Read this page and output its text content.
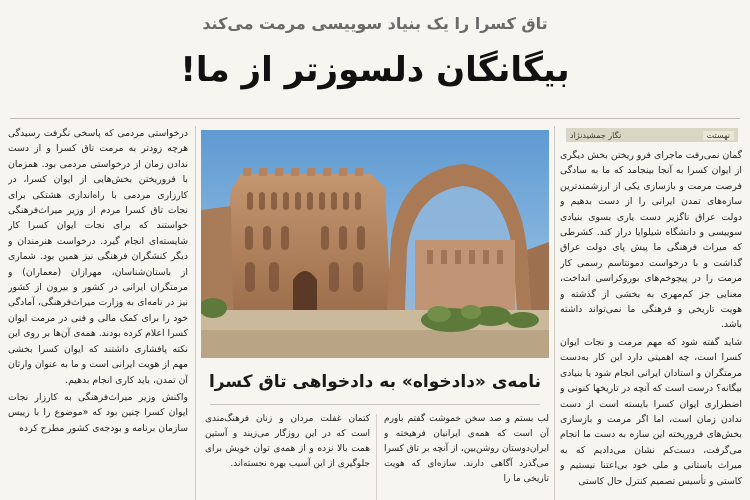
تاق کسرا را یک بنیاد سوییسی مرمت می‌کند
بیگانگان دلسوزتر از ما!
نهستت
نگار جمشیدنژاد

گمان نمی‌رفت ماجرای فرو ریختن بخش دیگری از ایوان کسرا به آنجا بینجامد که ما به سادگی فرصت مرمت و بازسازی یکی از ارزشمندترین سازه‌های تمدن ایرانی را از دست بدهیم و دولت عراق ناگزیر دست یاری بسوی بنیادی سوییسی و دانشگاه شیلوایا دراز کند. کشرطی که میراث فرهنگی ما پیش پای دولت عراق گذاشت و با درخواست دمونتاسم رسمی کار مرمت را در پیچوخم‌های بوروکراسی انداخت، معنایی جز کم‌مهری به بخشی از گذشته و هویت تاریخی و فرهنگی ما نمی‌تواند داشته باشد.

شاید گفته شود که مهم مرمت و نجات ایوان کسرا است، چه اهمیتی دارد این کار به‌دست مرمتگران و استادان ایرانی انجام شود یا بنیادی بیگانه؟ درست است که آنچه در تاریخها کنونی و اضطراری ایوان کسرا بایسته است از دست ندادن زمان است، اما اگر مرمت و بازسازی بخش‌های فروریخته این سازه به دست ما انجام می‌گرفت، دست‌کم نشان می‌دادیم که به میراث باستانی و ملی خود بی‌اعتنا نیستیم و کاستی و تأسیس تصمیم کنترل حال کاستی

درخواستی مردمی که پاسخی نگرفت رسیدگی هرچه زودتر به مرمت تاق کسرا و از دست ندادن زمان از درخواستی مردمی بود. همزمان با فروریختن بخش‌هایی از ایوان کسرا، در کارزاری مردمی با راه‌اندازی هشتکی برای نجات تاق کسرا مردم از وزیر میراث‌فرهنگی خواستند که برای نجات ایوان کسرا کار شایسته‌ای انجام گیرد. درخواست هنرمندان و دیگر کنشگران فرهنگی نیز همین بود. شماری از باستان‌شناسان، مهرازان (معماران) و مرمتگران ایرانی در کشور و بیرون از کشور نیز در نامه‌ای به وزارت میراث‌فرهنگی، آمادگی خود را برای کمک مالی و فنی در مرمت ایوان کسرا اعلام کرده بودند. همه‌ی آن‌ها بر روی این نکته پافشاری داشتند که ایوان کسرا بخشی مهم از هویت ایرانی است و ما به عنوان وارثان آن تمدن، باید کاری انجام بدهیم.

واکنش وزیر میراث‌فرهنگی به کارزار نجات ایوان کسرا چنین بود که «موضوع را با رییس سازمان برنامه و بودجه‌ی کشور مطرح کرده

نامه‌ی «دادخواه» به دادخواهی تاق کسرا
لب بستم و صد سخن خموشت گفتم باورم آن است که همه‌ی ایرانیان فرهیخته و ایران‌دوستان روشن‌بین، از آنچه بر تاق کسرا می‌گذرد آگاهی دارند. سازه‌ای که هویت تاریخی ما را
کتمان غفلت مردان و زنان فرهنگ‌مندی است که در این روزگار می‌زیند و آستین همت بالا نزده و از همه‌ی توان خویش برای جلوگیری از این آسیب بهره نجسته‌اند.
